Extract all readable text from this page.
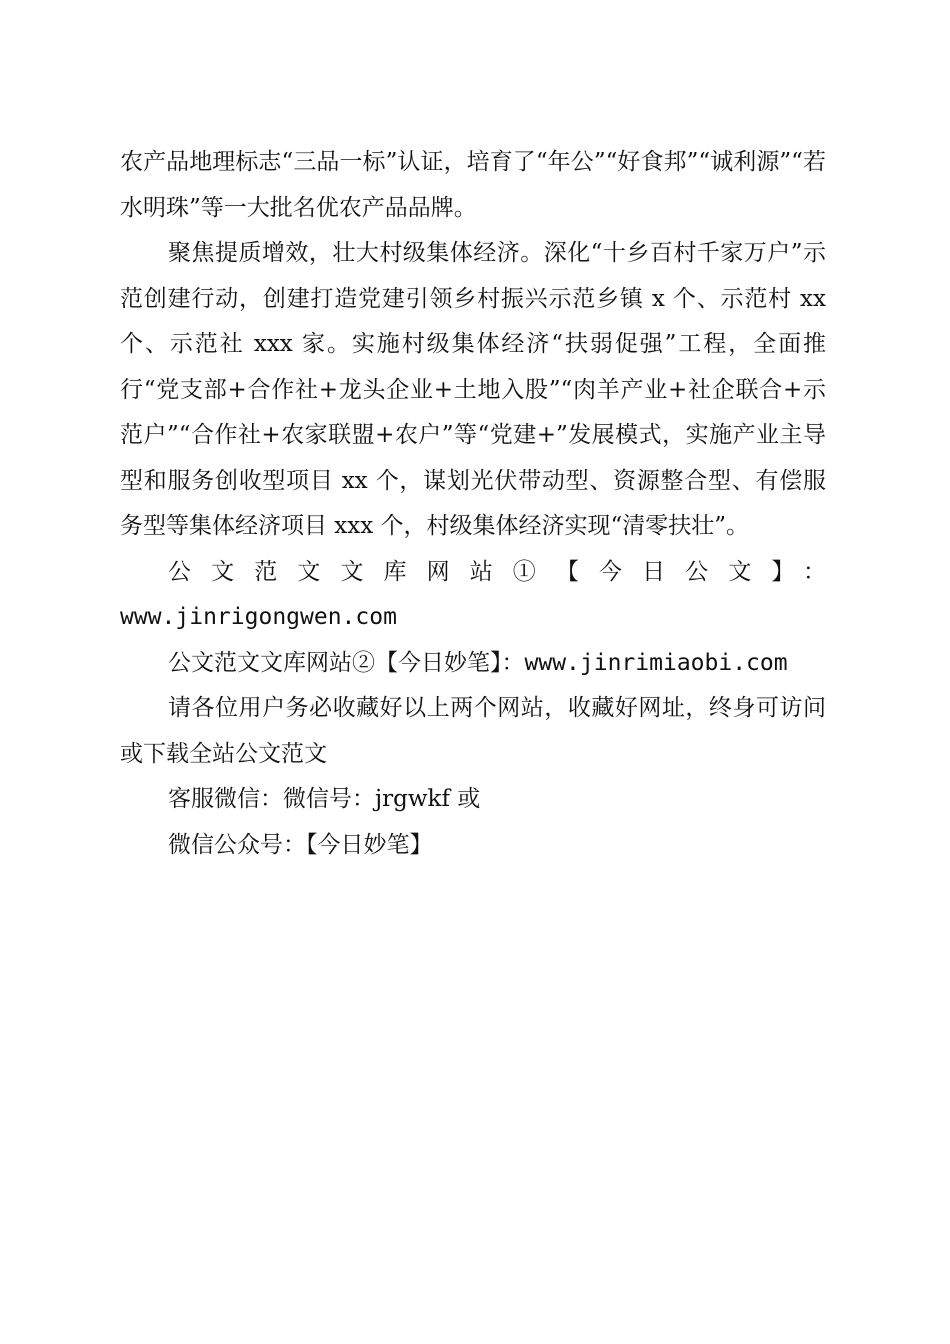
农产品地理标志“三品一标”认证，培育了“年公”“好食邦”“诚利源”“若水明珠”等一大批名优农产品品牌。

聚焦提质增效，壮大村级集体经济。深化“十乡百村千家万户”示范创建行动，创建打造党建引领乡村振兴示范乡镇 x 个、示范村 xx 个、示范社 xxx 家。实施村级集体经济“扶弱促强”工程，全面推行“党支部+合作社+龙头企业+土地入股”“肉羊产业+社企联合+示范户”“合作社+农家联盟+农户”等“党建+”发展模式，实施产业主导型和服务创收型项目 xx 个，谋划光伏带动型、资源整合型、有偿服务型等集体经济项目 xxx 个，村级集体经济实现“清零扶壮”。

公文范文文库网站①【今日公文】：

www.jinrigongwen.com

公文范文文库网站②【今日妙笔】：www.jinrimiaobi.com

请各位用户务必收藏好以上两个网站，收藏好网址，终身可访问或下载全站公文范文

客服微信：微信号：jrgwkf 或

微信公众号：【今日妙笔】
